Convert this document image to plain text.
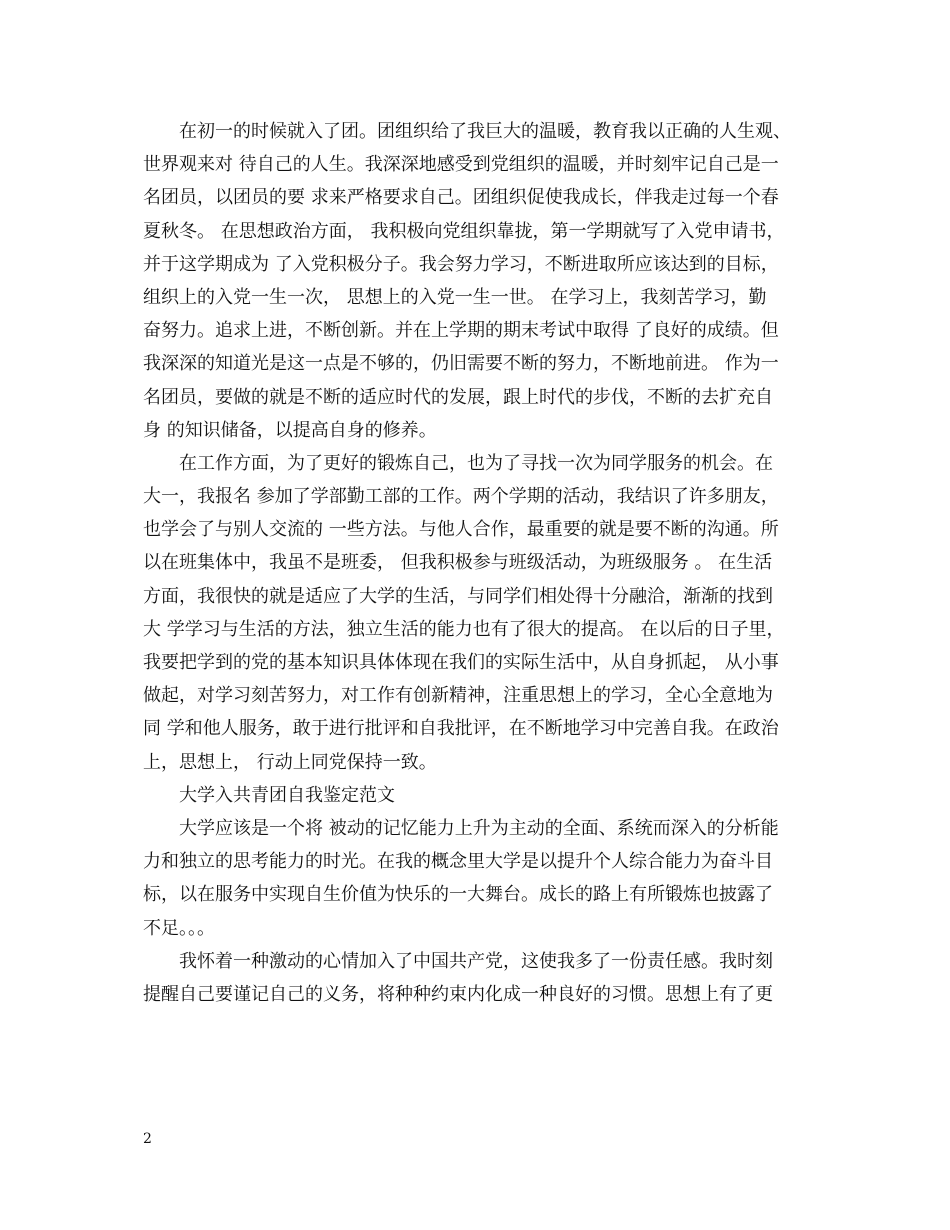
在初一的时候就入了团。团组织给了我巨大的温暖，教育我以正确的人生观、
世界观来对 待自己的人生。我深深地感受到党组织的温暖，并时刻牢记自己是一
名团员，以团员的要 求来严格要求自己。团组织促使我成长，伴我走过每一个春
夏秋冬。 在思想政治方面， 我积极向党组织靠拢，第一学期就写了入党申请书，
并于这学期成为 了入党积极分子。我会努力学习，不断进取所应该达到的目标，
组织上的入党一生一次， 思想上的入党一生一世。 在学习上，我刻苦学习，勤
奋努力。追求上进，不断创新。并在上学期的期末考试中取得 了良好的成绩。但
我深深的知道光是这一点是不够的，仍旧需要不断的努力，不断地前进。 作为一
名团员，要做的就是不断的适应时代的发展，跟上时代的步伐，不断的去扩充自
身 的知识储备，以提高自身的修养。
在工作方面，为了更好的锻炼自己，也为了寻找一次为同学服务的机会。在
大一，我报名 参加了学部勤工部的工作。两个学期的活动，我结识了许多朋友，
也学会了与别人交流的 一些方法。与他人合作，最重要的就是要不断的沟通。所
以在班集体中，我虽不是班委， 但我积极参与班级活动，为班级服务 。 在生活
方面，我很快的就是适应了大学的生活，与同学们相处得十分融洽，渐渐的找到
大 学学习与生活的方法，独立生活的能力也有了很大的提高。 在以后的日子里，
我要把学到的党的基本知识具体体现在我们的实际生活中，从自身抓起， 从小事
做起，对学习刻苦努力，对工作有创新精神，注重思想上的学习，全心全意地为
同 学和他人服务，敢于进行批评和自我批评，在不断地学习中完善自我。在政治
上，思想上， 行动上同党保持一致。
大学入共青团自我鉴定范文
大学应该是一个将 被动的记忆能力上升为主动的全面、系统而深入的分析能
力和独立的思考能力的时光。在我的概念里大学是以提升个人综合能力为奋斗目
标，以在服务中实现自生价值为快乐的一大舞台。成长的路上有所锻炼也披露了
不足。。。
我怀着一种激动的心情加入了中国共产党，这使我多了一份责任感。我时刻
提醒自己要谨记自己的义务，将种种约束内化成一种良好的习惯。思想上有了更
2
